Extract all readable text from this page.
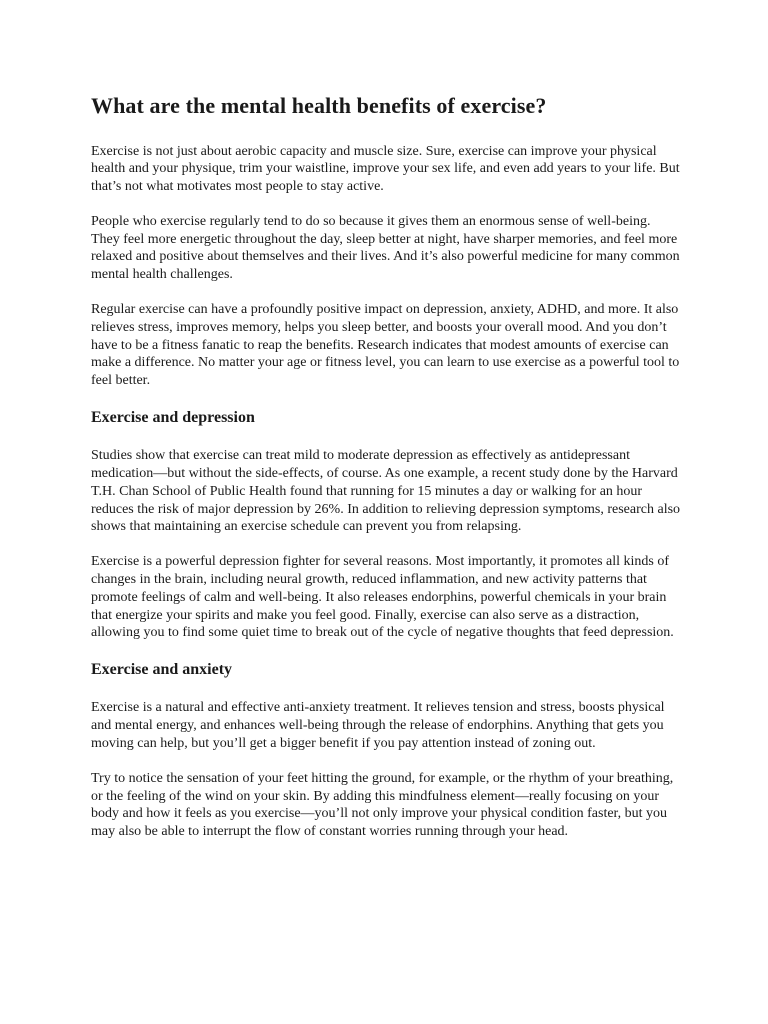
What are the mental health benefits of exercise?

Exercise is not just about aerobic capacity and muscle size. Sure, exercise can improve your physical health and your physique, trim your waistline, improve your sex life, and even add years to your life. But that’s not what motivates most people to stay active.

People who exercise regularly tend to do so because it gives them an enormous sense of well-being. They feel more energetic throughout the day, sleep better at night, have sharper memories, and feel more relaxed and positive about themselves and their lives. And it’s also powerful medicine for many common mental health challenges.

Regular exercise can have a profoundly positive impact on depression, anxiety, ADHD, and more. It also relieves stress, improves memory, helps you sleep better, and boosts your overall mood. And you don’t have to be a fitness fanatic to reap the benefits. Research indicates that modest amounts of exercise can make a difference. No matter your age or fitness level, you can learn to use exercise as a powerful tool to feel better.

Exercise and depression

Studies show that exercise can treat mild to moderate depression as effectively as antidepressant medication—but without the side-effects, of course. As one example, a recent study done by the Harvard T.H. Chan School of Public Health found that running for 15 minutes a day or walking for an hour reduces the risk of major depression by 26%. In addition to relieving depression symptoms, research also shows that maintaining an exercise schedule can prevent you from relapsing.

Exercise is a powerful depression fighter for several reasons. Most importantly, it promotes all kinds of changes in the brain, including neural growth, reduced inflammation, and new activity patterns that promote feelings of calm and well-being. It also releases endorphins, powerful chemicals in your brain that energize your spirits and make you feel good. Finally, exercise can also serve as a distraction, allowing you to find some quiet time to break out of the cycle of negative thoughts that feed depression.

Exercise and anxiety

Exercise is a natural and effective anti-anxiety treatment. It relieves tension and stress, boosts physical and mental energy, and enhances well-being through the release of endorphins. Anything that gets you moving can help, but you’ll get a bigger benefit if you pay attention instead of zoning out.

Try to notice the sensation of your feet hitting the ground, for example, or the rhythm of your breathing, or the feeling of the wind on your skin. By adding this mindfulness element—really focusing on your body and how it feels as you exercise—you’ll not only improve your physical condition faster, but you may also be able to interrupt the flow of constant worries running through your head.
